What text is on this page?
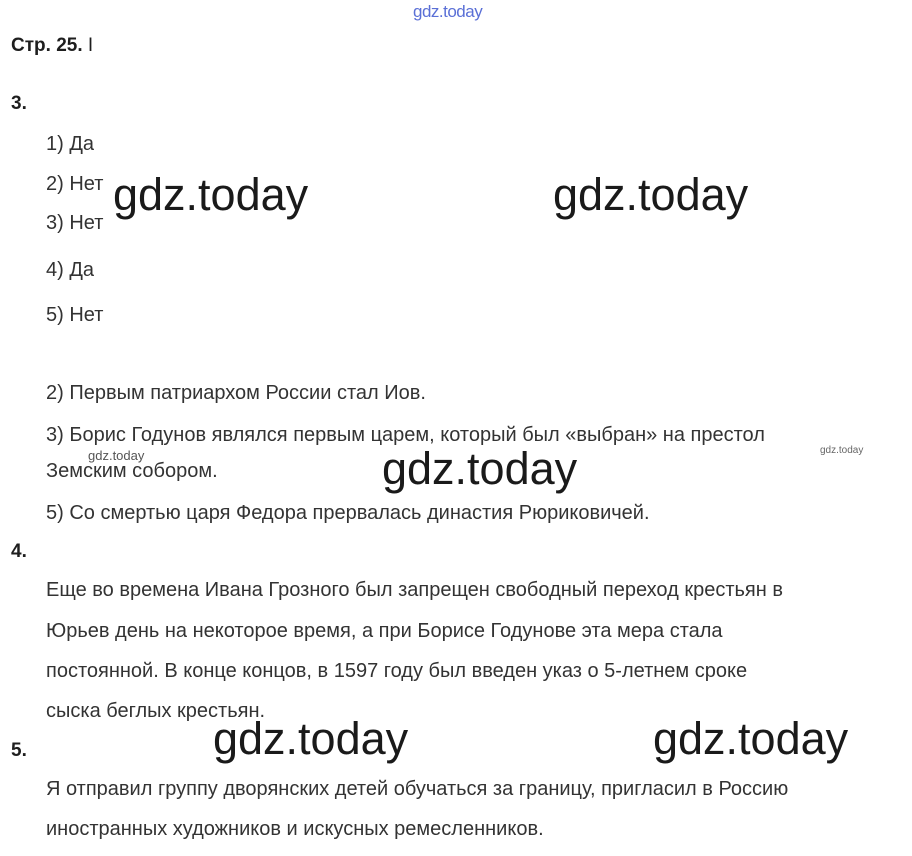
gdz.today
Стр. 25. I
3.
1) Да
2) Нет
3) Нет
4) Да
5) Нет
2) Первым патриархом России стал Иов.
3) Борис Годунов являлся первым царем, который был «выбран» на престол
Земским собором.
5) Со смертью царя Федора прервалась династия Рюриковичей.
4.
Еще во времена Ивана Грозного был запрещен свободный переход крестьян в
Юрьев день на некоторое время, а при Борисе Годунове эта мера стала
постоянной. В конце концов, в 1597 году был введен указ о 5-летнем сроке
сыска беглых крестьян.
5.
Я отправил группу дворянских детей обучаться за границу, пригласил в Россию
иностранных художников и искусных ремесленников.
gdz.today	gdz.today
gdz.today
gdz.today	gdz.today
gdz.today	gdz.today
